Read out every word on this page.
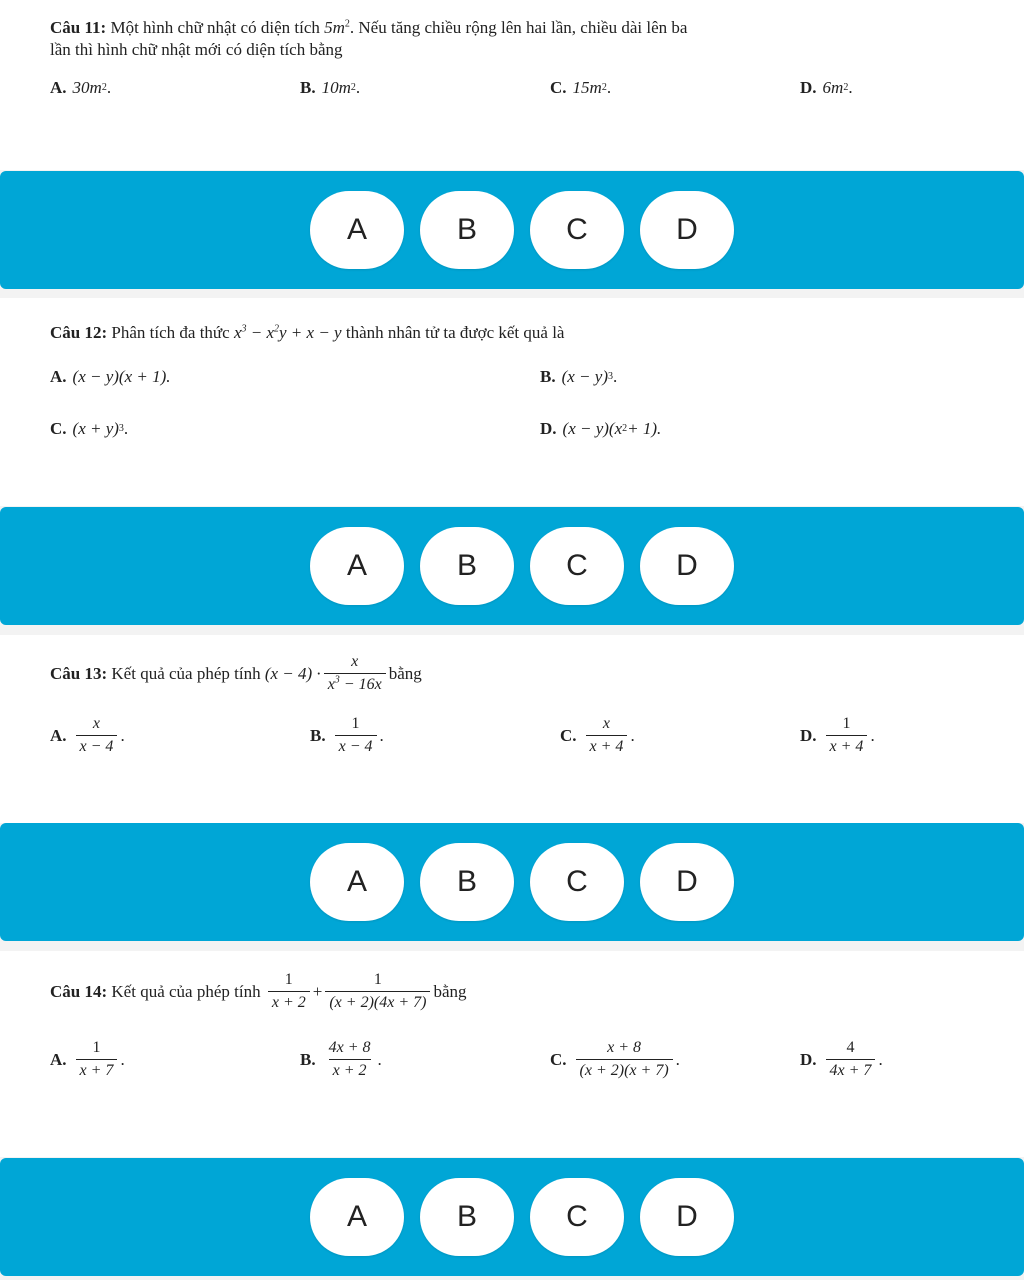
Câu 11: Một hình chữ nhật có diện tích $5m^2$. Nếu tăng chiều rộng lên hai lần, chiều dài lên ba
lần thì hình chữ nhật mới có diện tích bằng
A. 30m 2 .	B. 10m 2 .	C. 15m 2 .	D. 6m 2 .
A	B	C	D
Câu 12: Phân tích đa thức $x^3 - x^2y + x - y$ thành nhân tử ta được kết quả là
A. (x − y)(x + 1).	B. (x − y) 3 .
C. (x + y) 3 .	D. (x − y)(x 2 + 1).
A	B	C	D
Câu 13:
Kết quả của phép tính
$(x - 4) \cdot \frac{x}{x^3 - 16x}$ bằng
A. $\frac{x}{x - 4}$ .	B. $\frac{1}{x - 4}$ .	C. $\frac{x}{x + 4}$ .	D. $\frac{1}{x + 4}$ .
A	B	C	D
Câu 14:
Kết quả của phép tính
$\frac{1}{x + 2} + \frac{1}{(x + 2)(4x + 7)}$ bằng
A. $\frac{1}{x + 7}$ .	B. $\frac{4x + 8}{x + 2}$ .	C. $\frac{x + 8}{(x + 2)(x + 7)}$ .	D. $\frac{4}{4x + 7}$ .
A	B	C	D
